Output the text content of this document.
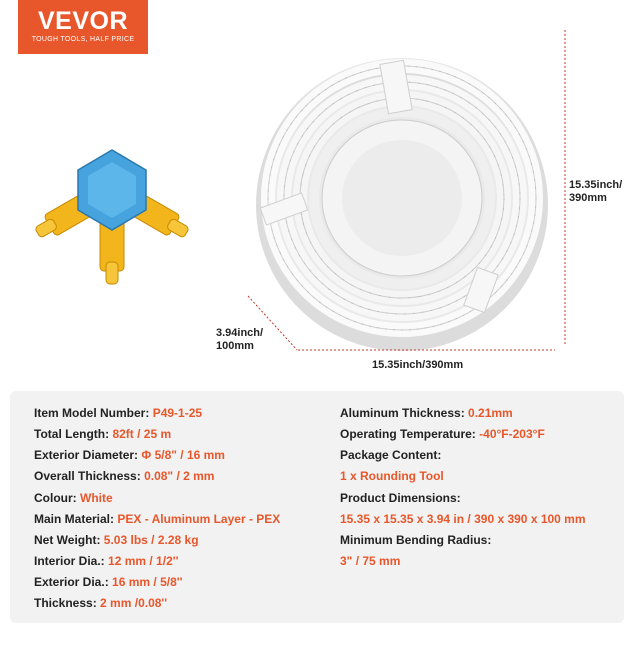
VEVOR
TOUGH TOOLS, HALF PRICE
15.35inch/
390mm
3.94inch/
100mm
15.35inch/390mm
Item Model Number: P49-1-25
Total Length: 82ft / 25 m
Exterior Diameter: Φ 5/8" / 16 mm
Overall Thickness: 0.08" / 2 mm
Colour: White
Main Material: PEX - Aluminum Layer - PEX
Net Weight: 5.03 lbs / 2.28 kg
Interior Dia.: 12 mm / 1/2''
Exterior Dia.: 16 mm / 5/8''
Thickness: 2 mm /0.08''
Aluminum Thickness: 0.21mm
Operating Temperature: -40°F-203°F
Package Content:
1 x Rounding Tool
Product Dimensions:
15.35 x 15.35 x 3.94 in / 390 x 390 x 100 mm
Minimum Bending Radius:
3" / 75 mm
